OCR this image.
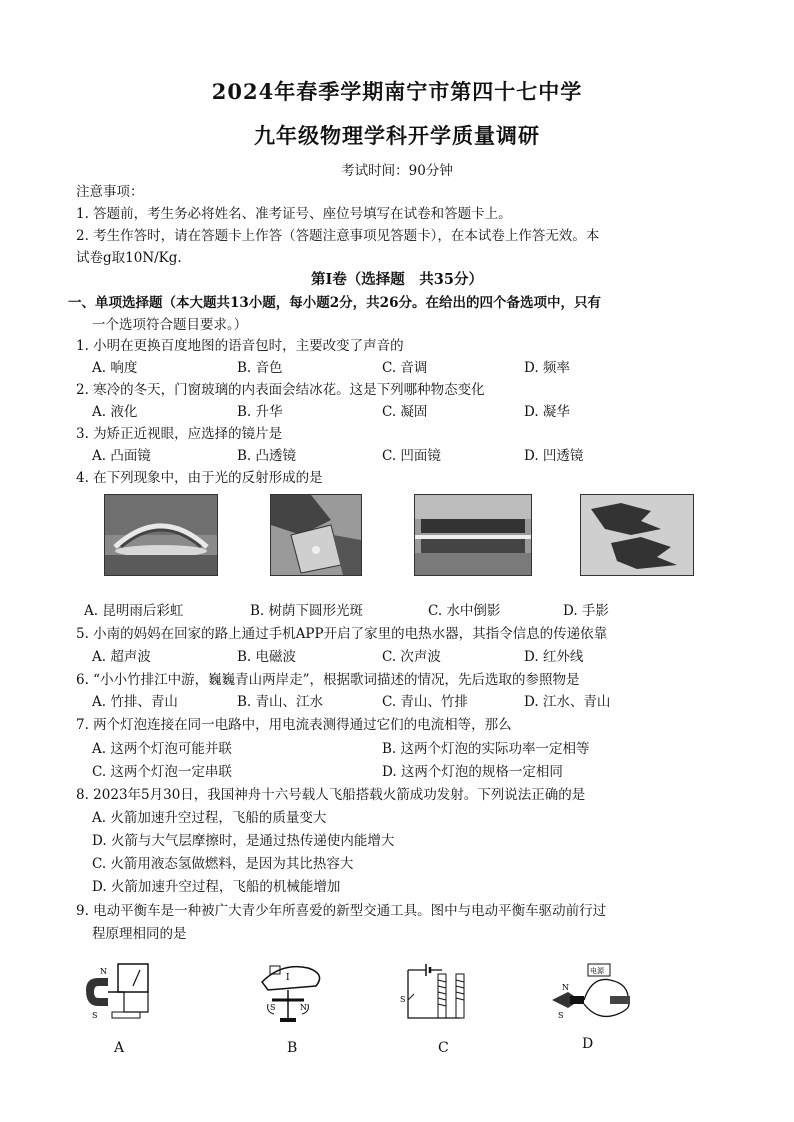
2024年春季学期南宁市第四十七中学
九年级物理学科开学质量调研
考试时间：90分钟
注意事项：
1. 答题前，考生务必将姓名、准考证号、座位号填写在试卷和答题卡上。
2. 考生作答时，请在答题卡上作答（答题注意事项见答题卡），在本试卷上作答无效。本
试卷g取10N/Kg.
第Ⅰ卷（选择题　共35分）
一、单项选择题（本大题共13小题，每小题2分，共26分。在给出的四个备选项中，只有
一个选项符合题目要求。）
1. 小明在更换百度地图的语音包时，主要改变了声音的
A. 响度	B. 音色	C. 音调	D. 频率
2. 寒冷的冬天，门窗玻璃的内表面会结冰花。这是下列哪种物态变化
A. 液化	B. 升华	C. 凝固	D. 凝华
3. 为矫正近视眼，应选择的镜片是
A. 凸面镜	B. 凸透镜	C. 凹面镜	D. 凹透镜
4. 在下列现象中，由于光的反射形成的是
A. 昆明雨后彩虹	B. 树荫下圆形光斑	C. 水中倒影	D. 手影
5. 小南的妈妈在回家的路上通过手机APP开启了家里的电热水器，其指令信息的传递依靠
A. 超声波	B. 电磁波	C. 次声波	D. 红外线
6. “小小竹排江中游，巍巍青山两岸走”，根据歌词描述的情况，先后选取的参照物是
A. 竹排、青山	B. 青山、江水	C. 青山、竹排	D. 江水、青山
7. 两个灯泡连接在同一电路中，用电流表测得通过它们的电流相等，那么
A. 这两个灯泡可能并联	B. 这两个灯泡的实际功率一定相等
C. 这两个灯泡一定串联	D. 这两个灯泡的规格一定相同
8. 2023年5月30日，我国神舟十六号载人飞船搭载火箭成功发射。下列说法正确的是
A. 火箭加速升空过程，飞船的质量变大
D. 火箭与大气层摩擦时，是通过热传递使内能增大
C. 火箭用液态氢做燃料，是因为其比热容大
D. 火箭加速升空过程，飞船的机械能增加
9. 电动平衡车是一种被广大青少年所喜爱的新型交通工具。图中与电动平衡车驱动前行过
程原理相同的是
N
S
I
S	N
S
电源
N
S
A	B	C	D
